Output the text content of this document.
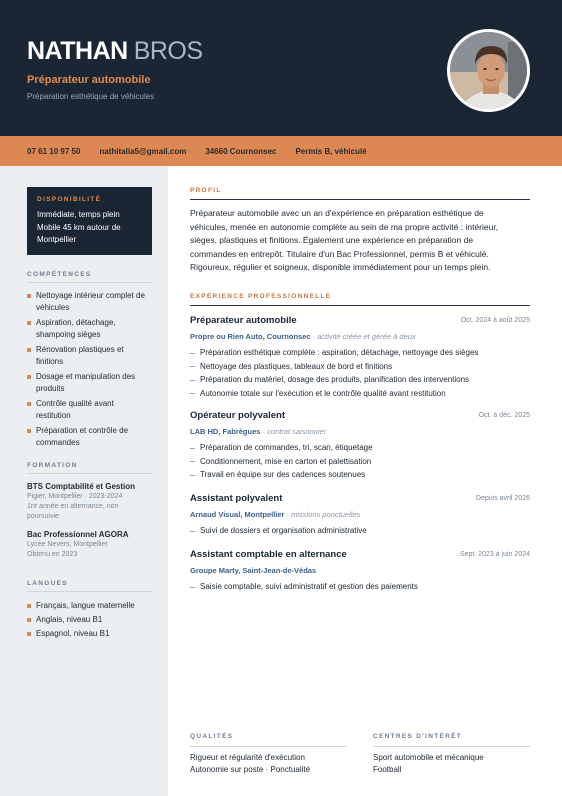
NATHAN BROS
Préparateur automobile
Préparation esthétique de véhicules
07 61 10 97 50 nathitalia5@gmail.com 34660 Cournonsec Permis B, véhiculé
DISPONIBILITÉ
Immédiate, temps plein
Mobile 45 km autour de
Montpellier
COMPÉTENCES
Nettoyage intérieur complet de
véhicules
Aspiration, détachage,
shampoing sièges
Rénovation plastiques et
finitions
Dosage et manipulation des
produits
Contrôle qualité avant
restitution
Préparation et contrôle de
commandes
FORMATION
BTS Comptabilité et Gestion
Pigier, Montpellier · 2023-2024
1re année en alternance, non
poursuivie
Bac Professionnel AGORA
Lycée Nevers, Montpellier
Obtenu en 2023
LANGUES
Français, langue maternelle
Anglais, niveau B1
Espagnol, niveau B1
PROFIL
Préparateur automobile avec un an d'expérience en préparation esthétique de
véhicules, menée en autonomie complète au sein de ma propre activité : intérieur,
sièges, plastiques et finitions. Également une expérience en préparation de
commandes en entrepôt. Titulaire d'un Bac Professionnel, permis B et véhiculé.
Rigoureux, régulier et soigneux, disponible immédiatement pour un temps plein.
EXPÉRIENCE PROFESSIONNELLE
Préparateur automobile	Oct. 2024 à août 2025
Propre ou Rien Auto, Cournonsec · activité créée et gérée à deux
Préparation esthétique complète : aspiration, détachage, nettoyage des sièges
Nettoyage des plastiques, tableaux de bord et finitions
Préparation du matériel, dosage des produits, planification des interventions
Autonomie totale sur l'exécution et le contrôle qualité avant restitution
Opérateur polyvalent	Oct. à déc. 2025
LAB HD, Fabrègues · contrat saisonnier
Préparation de commandes, tri, scan, étiquetage
Conditionnement, mise en carton et palettisation
Travail en équipe sur des cadences soutenues
Assistant polyvalent	Depuis avril 2026
Arnaud Visual, Montpellier · missions ponctuelles
Suivi de dossiers et organisation administrative
Assistant comptable en alternance	Sept. 2023 à juin 2024
Groupe Marty, Saint-Jean-de-Védas
Saisie comptable, suivi administratif et gestion des paiements
QUALITÉS
Rigueur et régularité d'exécution
Autonomie sur poste · Ponctualité
CENTRES D'INTÉRÊT
Sport automobile et mécanique
Football
